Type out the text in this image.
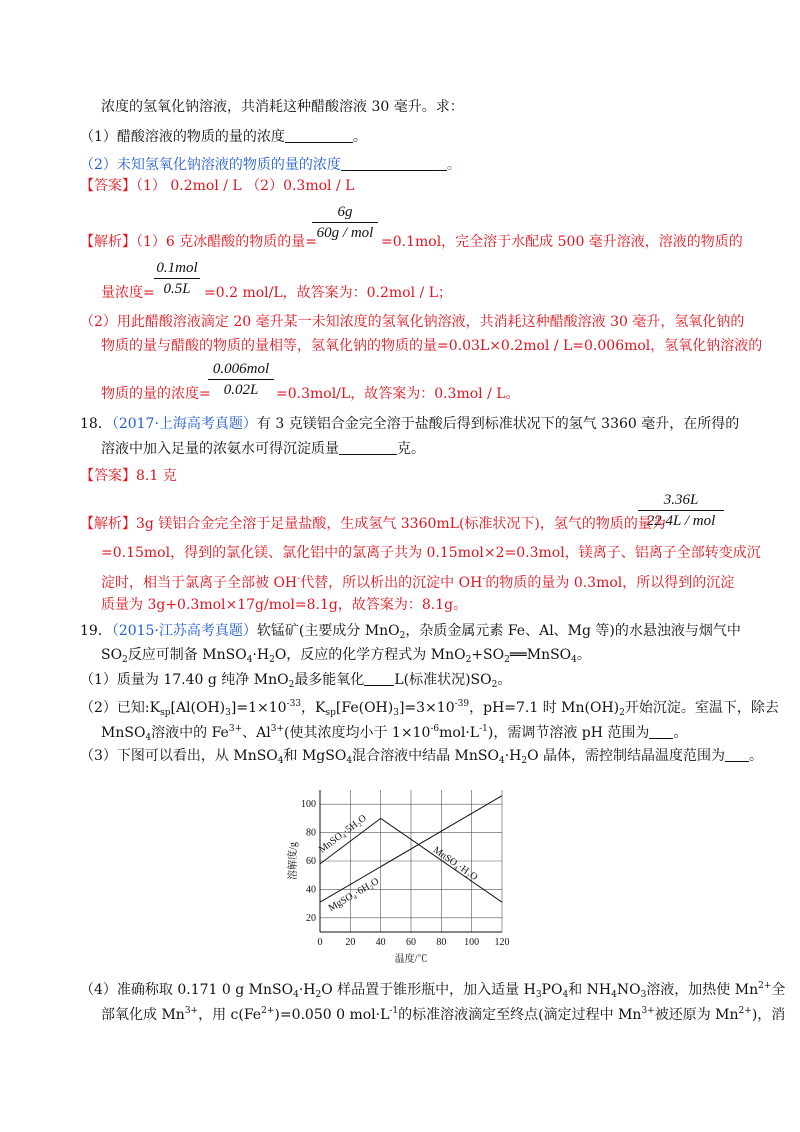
浓度的氢氧化钠溶液，共消耗这种醋酸溶液 30 毫升。求：
（1）醋酸溶液的物质的量的浓度	。
（2）未知氢氧化钠溶液的物质的量的浓度	。
【答案】（1） 0.2mol / L （2）0.3mol / L
6g
60g / mol
【解析】（1）6 克冰醋酸的物质的量=	=0.1mol，完全溶于水配成 500 毫升溶液，溶液的物质的
0.1mol
0.5L
量浓度=	=0.2 mol/L，故答案为：0.2mol / L；
（2）用此醋酸溶液滴定 20 毫升某一未知浓度的氢氧化钠溶液，共消耗这种醋酸溶液 30 毫升，氢氧化钠的
物质的量与醋酸的物质的量相等，氢氧化钠的物质的量=0.03L×0.2mol / L=0.006mol，氢氧化钠溶液的
0.006mol
0.02L
物质的量的浓度=	=0.3mol/L，故答案为：0.3mol / L。
18．（2017·上海高考真题）有 3 克镁铝合金完全溶于盐酸后得到标准状况下的氢气 3360 毫升，在所得的
溶液中加入足量的浓氨水可得沉淀质量	克。
【答案】8.1 克
3.36L
22.4L / mol
【解析】3g 镁铝合金完全溶于足量盐酸，生成氢气 3360mL(标准状况下)，氢气的物质的量为
=0.15mol，得到的氯化镁、氯化铝中的氯离子共为 0.15mol×2=0.3mol，镁离子、铝离子全部转变成沉
淀时，相当于氯离子全部被 OH-代替，所以析出的沉淀中 OH-的物质的量为 0.3mol，所以得到的沉淀
质量为 3g+0.3mol×17g/mol=8.1g，故答案为：8.1g。
19．（2015·江苏高考真题）软锰矿(主要成分 MnO$_2$，杂质金属元素 Fe、Al、Mg 等)的水悬浊液与烟气中
$SO_2$反应可制备 $MnSO_4\cdot H_2O$，反应的化学方程式为 $MnO_2+SO_2══MnSO_4$。
（1）质量为 17.40 g 纯净 MnO$_2$最多能氧化 L(标准状况)$SO_2$。
（2）已知$:K_{sp}[Al(OH)_3]=1\times 10^{-33}$，$K_{sp}[Fe(OH)_3]=3\times 10^{-39}$，pH=7.1 时 $Mn(OH)_2$开始沉淀。室温下，除去
MnSO$_4$溶液中的 $Fe^{3+}$、$Al^{3+}$(使其浓度均小于 $1\times 10^{-6}mol\cdot L^{-1}$)，需调节溶液 pH 范围为 。
（3）下图可以看出，从 MnSO$_4$和 MgSO$_4$混合溶液中结晶 $MnSO_4\cdot H_2O$ 晶体，需控制结晶温度范围为 。
0 20 40 60 80 100 120
20
40
60
80
100
MnSO₄·5H₂O
MnSO₄·H₂O
MgSO₄·6H₂O
温度/℃
溶解度/g
（4）准确称取 0.171 0 g $MnSO_4\cdot H_2O$ 样品置于锥形瓶中，加入适量 $H_3PO_4$和 $NH_4NO_3$溶液，加热使 $Mn^{2+}$全
部氧化成 $Mn^{3+}$，用 $c(Fe^{2+})=0.050$ 0 $mol\cdot L^{-1}$的标准溶液滴定至终点(滴定过程中 $Mn^{3+}$被还原为 $Mn^{2+}$)，消
